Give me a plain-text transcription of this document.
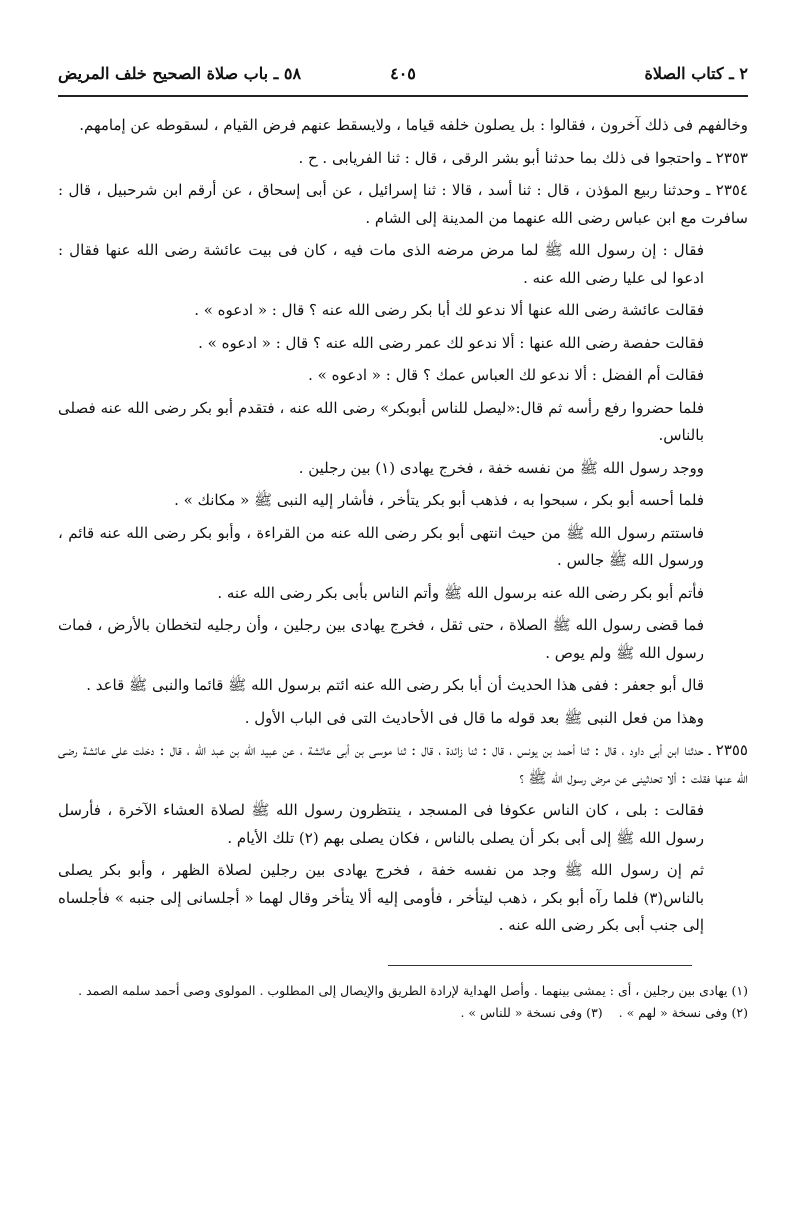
٢ ـ كتاب الصلاة
٤٠٥
٥٨ ـ باب صلاة الصحيح خلف المريض

وخالفهم فى ذلك آخرون ، فقالوا : بل يصلون خلفه قياما ، ولايسقط عنهم فرض القيام ، لسقوطه عن إمامهم.

٢٣٥٣ ـ واحتجوا فى ذلك بما حدثنا أبو بشر الرقى ، قال : ثنا الفريابى . ح .

٢٣٥٤ ـ وحدثنا ربيع المؤذن ، قال : ثنا أسد ، قالا : ثنا إسرائيل ، عن أبى إسحاق ، عن أرقم ابن شرحبيل ، قال : سافرت مع ابن عباس رضى الله عنهما من المدينة إلى الشام .

فقال : إن رسول الله ﷺ لما مرض مرضه الذى مات فيه ، كان فى بيت عائشة رضى الله عنها فقال : ادعوا لى عليا رضى الله عنه .

فقالت عائشة رضى الله عنها ألا ندعو لك أبا بكر رضى الله عنه ؟ قال : « ادعوه » .

فقالت حفصة رضى الله عنها : ألا ندعو لك عمر رضى الله عنه ؟ قال : « ادعوه » .

فقالت أم الفضل : ألا ندعو لك العباس عمك ؟ قال : « ادعوه » .

فلما حضروا رفع رأسه ثم قال:«ليصل للناس أبوبكر» رضى الله عنه ، فتقدم أبو بكر رضى الله عنه فصلى بالناس.

ووجد رسول الله ﷺ من نفسه خفة ، فخرج يهادى (١) بين رجلين .

فلما أحسه أبو بكر ، سبحوا به ، فذهب أبو بكر يتأخر ، فأشار إليه النبى ﷺ « مكانك » .

فاستتم رسول الله ﷺ من حيث انتهى أبو بكر رضى الله عنه من القراءة ، وأبو بكر رضى الله عنه قائم ، ورسول الله ﷺ جالس .

فأتم أبو بكر رضى الله عنه برسول الله ﷺ وأتم الناس بأبى بكر رضى الله عنه .

فما قضى رسول الله ﷺ الصلاة ، حتى ثقل ، فخرج يهادى بين رجلين ، وأن رجليه لتخطان بالأرض ، فمات رسول الله ﷺ ولم يوص .

قال أبو جعفر : ففى هذا الحديث أن أبا بكر رضى الله عنه ائتم برسول الله ﷺ قائما والنبى ﷺ قاعد .

وهذا من فعل النبى ﷺ بعد قوله ما قال فى الأحاديث التى فى الباب الأول .

٢٣٥٥ ـ حدثنا ابن أبى داود ، قال : ثنا أحمد بن يونس ، قال : ثنا زائدة ، قال : ثنا موسى بن أبى عائشة ، عن عبيد الله بن عبد الله ، قال : دخلت على عائشة رضى الله عنها فقلت : ألا تحدثينى عن مرض رسول الله ﷺ ؟

فقالت : بلى ، كان الناس عكوفا فى المسجد ، ينتظرون رسول الله ﷺ لصلاة العشاء الآخرة ، فأرسل رسول الله ﷺ إلى أبى بكر أن يصلى بالناس ، فكان يصلى بهم (٢) تلك الأيام .

ثم إن رسول الله ﷺ وجد من نفسه خفة ، فخرج يهادى بين رجلين لصلاة الظهر ، وأبو بكر يصلى بالناس(٣) فلما رآه أبو بكر ، ذهب ليتأخر ، فأومى إليه ألا يتأخر وقال لهما « أجلسانى إلى جنبه » فأجلساه إلى جنب أبى بكر رضى الله عنه .

(١) يهادى بين رجلين ، أى : يمشى بينهما . وأصل الهداية لإرادة الطريق والإيصال إلى المطلوب . المولوى وصى أحمد سلمه الصمد .
(٢) وفى نسخة « لهم » .
(٣) وفى نسخة « للناس » .
